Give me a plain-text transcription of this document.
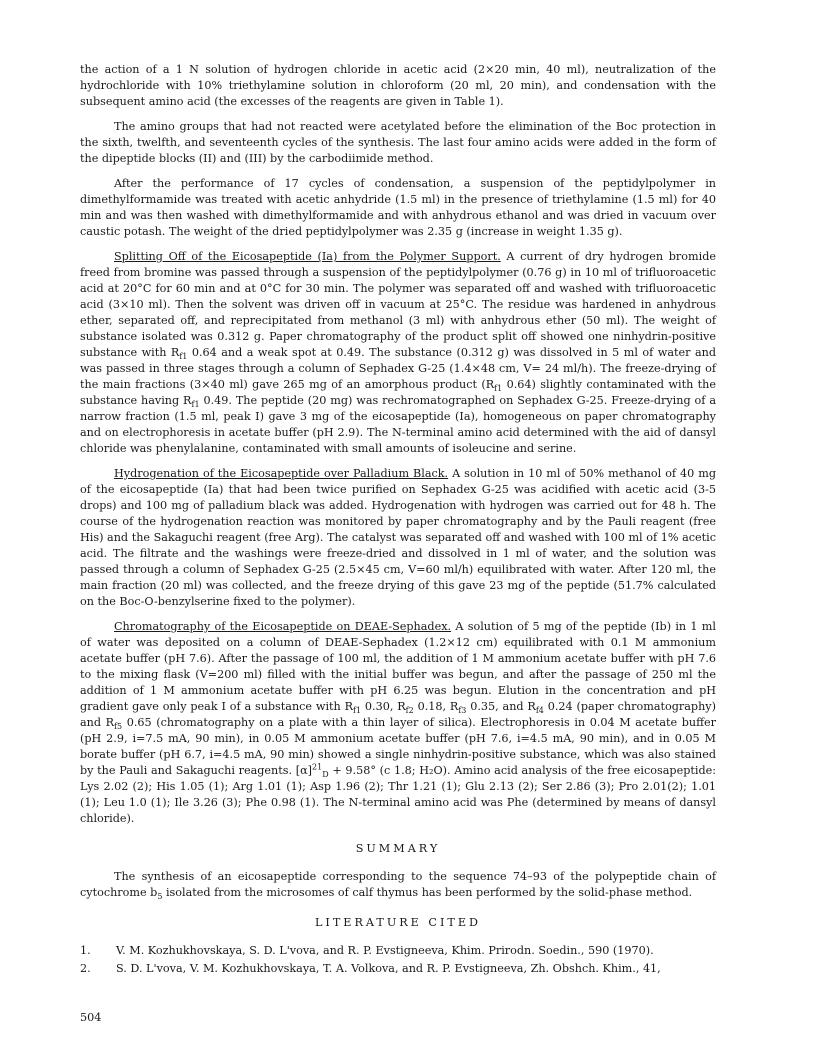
the action of a 1 N solution of hydrogen chloride in acetic acid (2×20 min, 40 ml), neutralization of the hydrochloride with 10% triethylamine solution in chloroform (20 ml, 20 min), and condensation with the subsequent amino acid (the excesses of the reagents are given in Table 1).

The amino groups that had not reacted were acetylated before the elimination of the Boc protection in the sixth, twelfth, and seventeenth cycles of the synthesis. The last four amino acids were added in the form of the dipeptide blocks (II) and (III) by the carbodiimide method.

After the performance of 17 cycles of condensation, a suspension of the peptidylpolymer in dimethylformamide was treated with acetic anhydride (1.5 ml) in the presence of triethylamine (1.5 ml) for 40 min and was then washed with dimethylformamide and with anhydrous ethanol and was dried in vacuum over caustic potash. The weight of the dried peptidylpolymer was 2.35 g (increase in weight 1.35 g).

Splitting Off of the Eicosapeptide (Ia) from the Polymer Support. A current of dry hydrogen bromide freed from bromine was passed through a suspension of the peptidylpolymer (0.76 g) in 10 ml of trifluoroacetic acid at 20°C for 60 min and at 0°C for 30 min. The polymer was separated off and washed with trifluoroacetic acid (3×10 ml). Then the solvent was driven off in vacuum at 25°C. The residue was hardened in anhydrous ether, separated off, and reprecipitated from methanol (3 ml) with anhydrous ether (50 ml). The weight of substance isolated was 0.312 g. Paper chromatography of the product split off showed one ninhydrin-positive substance with $R_{f1}$ 0.64 and a weak spot at 0.49. The substance (0.312 g) was dissolved in 5 ml of water and was passed in three stages through a column of Sephadex G-25 (1.4×48 cm, V= 24 ml/h). The freeze-drying of the main fractions (3×40 ml) gave 265 mg of an amorphous product ($R_{f1}$ 0.64) slightly contaminated with the substance having $R_{f1}$ 0.49. The peptide (20 mg) was rechromatographed on Sephadex G-25. Freeze-drying of a narrow fraction (1.5 ml, peak I) gave 3 mg of the eicosapeptide (Ia), homogeneous on paper chromatography and on electrophoresis in acetate buffer (pH 2.9). The N-terminal amino acid determined with the aid of dansyl chloride was phenylalanine, contaminated with small amounts of isoleucine and serine.

Hydrogenation of the Eicosapeptide over Palladium Black. A solution in 10 ml of 50% methanol of 40 mg of the eicosapeptide (Ia) that had been twice purified on Sephadex G-25 was acidified with acetic acid (3-5 drops) and 100 mg of palladium black was added. Hydrogenation with hydrogen was carried out for 48 h. The course of the hydrogenation reaction was monitored by paper chromatography and by the Pauli reagent (free His) and the Sakaguchi reagent (free Arg). The catalyst was separated off and washed with 100 ml of 1% acetic acid. The filtrate and the washings were freeze-dried and dissolved in 1 ml of water, and the solution was passed through a column of Sephadex G-25 (2.5×45 cm, V=60 ml/h) equilibrated with water. After 120 ml, the main fraction (20 ml) was collected, and the freeze drying of this gave 23 mg of the peptide (51.7% calculated on the Boc-O-benzylserine fixed to the polymer).

Chromatography of the Eicosapeptide on DEAE-Sephadex. A solution of 5 mg of the peptide (Ib) in 1 ml of water was deposited on a column of DEAE-Sephadex (1.2×12 cm) equilibrated with 0.1 M ammonium acetate buffer (pH 7.6). After the passage of 100 ml, the addition of 1 M ammonium acetate buffer with pH 7.6 to the mixing flask (V=200 ml) filled with the initial buffer was begun, and after the passage of 250 ml the addition of 1 M ammonium acetate buffer with pH 6.25 was begun. Elution in the concentration and pH gradient gave only peak I of a substance with $R_{f1}$ 0.30, $R_{f2}$ 0.18, $R_{f3}$ 0.35, and $R_{f4}$ 0.24 (paper chromatography) and $R_{f5}$ 0.65 (chromatography on a plate with a thin layer of silica). Electrophoresis in 0.04 M acetate buffer (pH 2.9, i=7.5 mA, 90 min), in 0.05 M ammonium acetate buffer (pH 7.6, i=4.5 mA, 90 min), and in 0.05 M borate buffer (pH 6.7, i=4.5 mA, 90 min) showed a single ninhydrin-positive substance, which was also stained by the Pauli and Sakaguchi reagents. $[\alpha]^{21}_D + 9.58^\circ$ (c 1.8; H₂O). Amino acid analysis of the free eicosapeptide: Lys 2.02 (2); His 1.05 (1); Arg 1.01 (1); Asp 1.96 (2); Thr 1.21 (1); Glu 2.13 (2); Ser 2.86 (3); Pro 2.01(2); 1.01 (1); Leu 1.0 (1); Ile 3.26 (3); Phe 0.98 (1). The N-terminal amino acid was Phe (determined by means of dansyl chloride).

SUMMARY

The synthesis of an eicosapeptide corresponding to the sequence 74–93 of the polypeptide chain of cytochrome $b_5$ isolated from the microsomes of calf thymus has been performed by the solid-phase method.

LITERATURE CITED
1.	V. M. Kozhukhovskaya, S. D. L'vova, and R. P. Evstigneeva, Khim. Prirodn. Soedin., 590 (1970).
2.	S. D. L'vova, V. M. Kozhukhovskaya, T. A. Volkova, and R. P. Evstigneeva, Zh. Obshch. Khim., 41,
504
